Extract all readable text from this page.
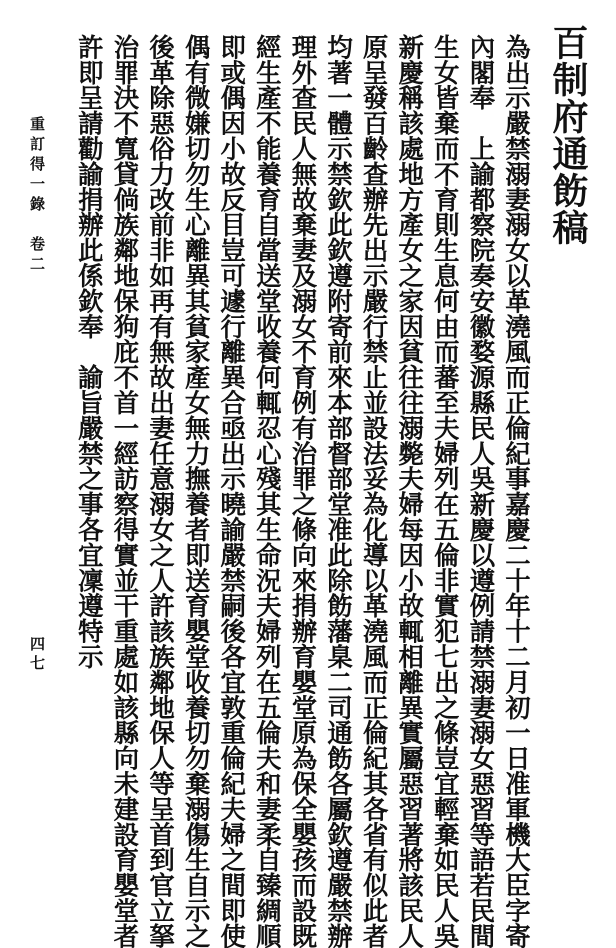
百制府通飭稿
為出示嚴禁溺妻溺女以革澆風而正倫紀事嘉慶二十年十二月初一日准軍機大臣字寄
內閣奉　上諭都察院奏安徽婺源縣民人吳新慶以遵例請禁溺妻溺女惡習等語若民間
生女皆棄而不育則生息何由而蕃至夫婦列在五倫非實犯七出之條豈宜輕棄如民人吳
新慶稱該處地方產女之家因貧往往溺斃夫婦每因小故輒相離異實屬惡習著將該民人
原呈發百齡查辦先出示嚴行禁止並設法妥為化導以革澆風而正倫紀其各省有似此者
均著一體示禁欽此欽遵附寄前來本部督部堂准此除飭藩臬二司通飭各屬欽遵嚴禁辦
理外查民人無故棄妻及溺女不育例有治罪之條向來捐辦育嬰堂原為保全嬰孩而設既
經生產不能養育自當送堂收養何輒忍心殘其生命況夫婦列在五倫夫和妻柔自臻綢順
即或偶因小故反目豈可遽行離異合亟出示曉諭嚴禁嗣後各宜敦重倫紀夫婦之間即使
偶有微嫌切勿生心離異其貧家產女無力撫養者即送育嬰堂收養切勿棄溺傷生自示之
後革除惡俗力改前非如再有無故出妻任意溺女之人許該族鄰地保人等呈首到官立拏
治罪決不寬貸倘族鄰地保狗庇不首一經訪察得實並干重處如該縣向未建設育嬰堂者
許即呈請勸諭捐辦此係欽奉　諭旨嚴禁之事各宜凜遵特示
重訂得一錄　卷二
四七
